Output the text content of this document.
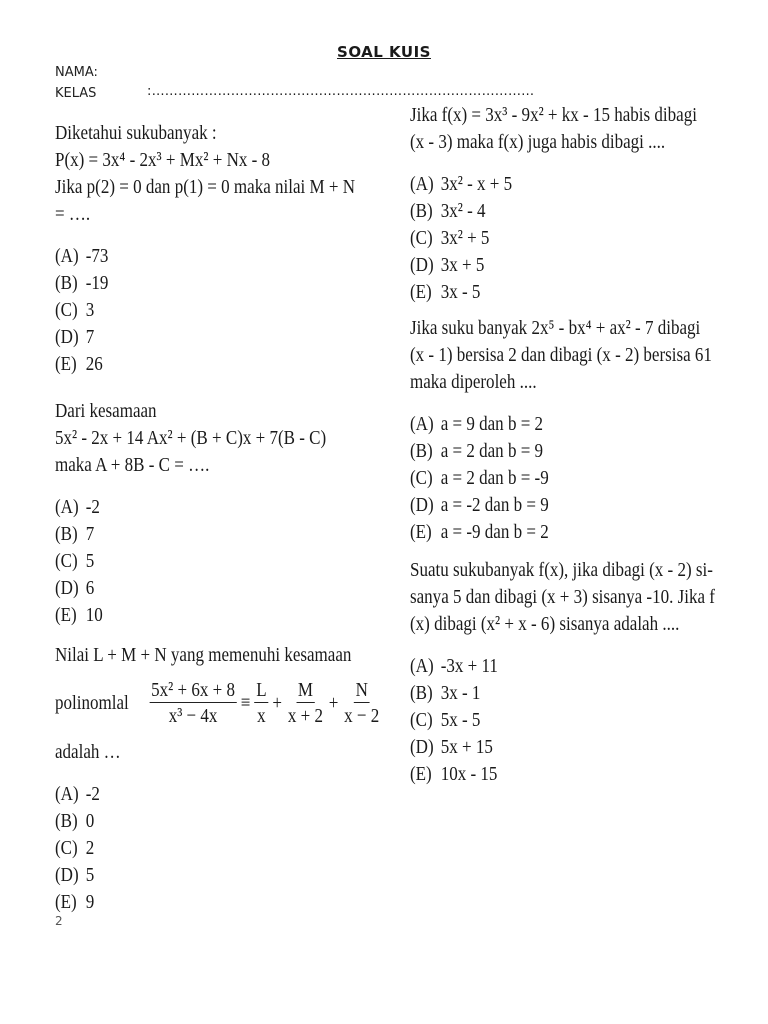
SOAL KUIS
NAMA:
KELAS	:……………………………………………………………………………
Diketahui sukubanyak :
P(x) = 3x⁴ - 2x³ + Mx² + Nx - 8
Jika p(2) = 0 dan p(1) = 0 maka nilai M + N
= ….
(A) -73
(B) -19
(C) 3
(D) 7
(E) 26
Dari kesamaan
5x² - 2x + 14 Ax² + (B + C)x + 7(B - C)
maka A + 8B - C = ….
(A) -2
(B) 7
(C) 5
(D) 6
(E) 10
Nilai L + M + N yang memenuhi kesamaan
polinomlal $\frac{\text{5x² + 6x + 8}}{\text{x³ − 4x}} \equiv \frac{L}{x} + \frac{M}{x + 2} + \frac{N}{x - 2}$
adalah …
(A) -2
(B) 0
(C) 2
(D) 5
(E) 9
Jika f(x) = 3x³ - 9x² + kx - 15 habis dibagi
(x - 3) maka f(x) juga habis dibagi ....
(A) 3x² - x + 5
(B) 3x² - 4
(C) 3x² + 5
(D) 3x + 5
(E) 3x - 5
Jika suku banyak 2x⁵ - bx⁴ + ax² - 7 dibagi
(x - 1) bersisa 2 dan dibagi (x - 2) bersisa 61
maka diperoleh ....
(A) a = 9 dan b = 2
(B) a = 2 dan b = 9
(C) a = 2 dan b = -9
(D) a = -2 dan b = 9
(E) a = -9 dan b = 2
Suatu sukubanyak f(x), jika dibagi (x - 2) si-
sanya 5 dan dibagi (x + 3) sisanya -10. Jika f
(x) dibagi (x² + x - 6) sisanya adalah ....
(A) -3x + 11
(B) 3x - 1
(C) 5x - 5
(D) 5x + 15
(E) 10x - 15
2
